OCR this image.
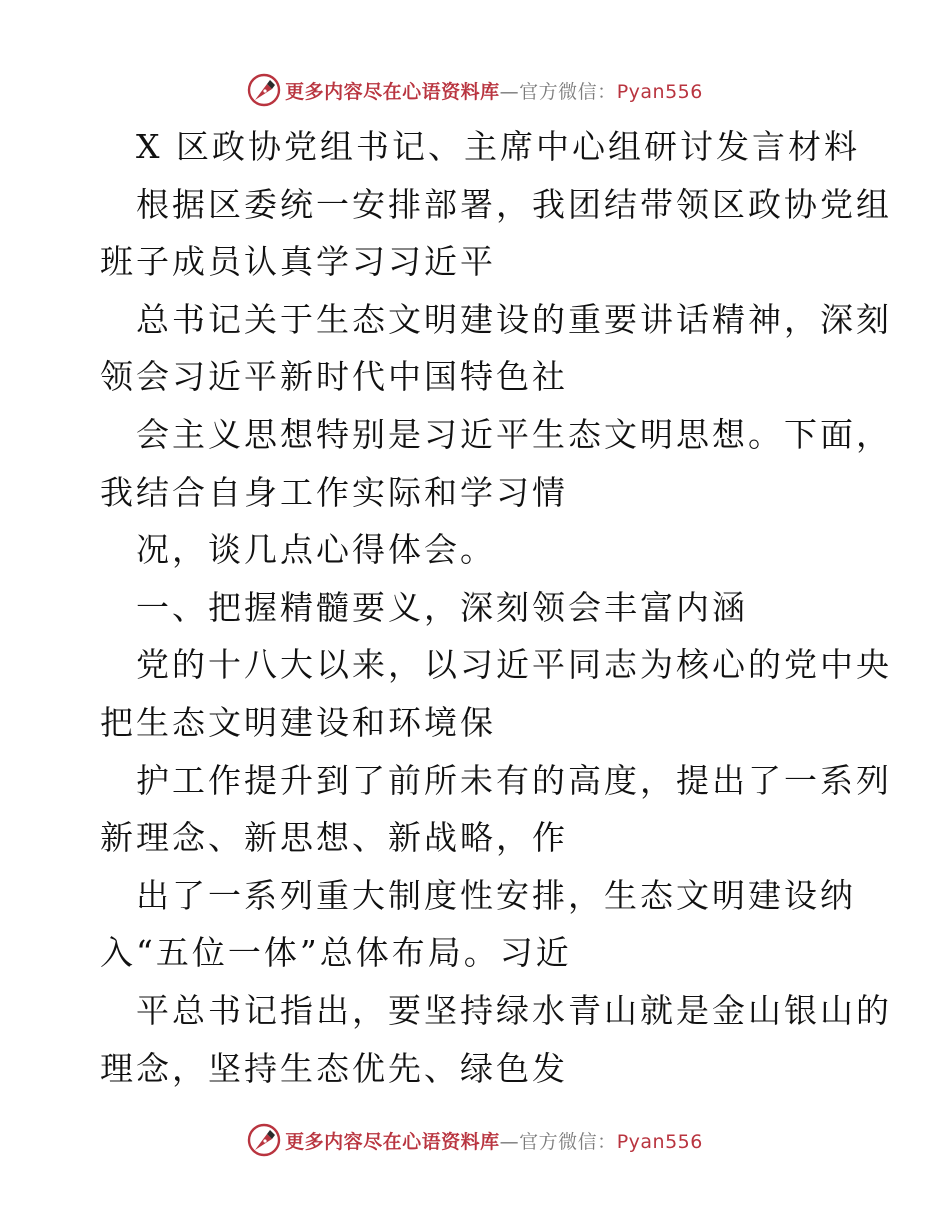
更多内容尽在心语资料库—官方微信：Pyan556
X 区政协党组书记、主席中心组研讨发言材料
根据区委统一安排部署，我团结带领区政协党组
班子成员认真学习习近平
总书记关于生态文明建设的重要讲话精神，深刻
领会习近平新时代中国特色社
会主义思想特别是习近平生态文明思想。下面，
我结合自身工作实际和学习情
况，谈几点心得体会。
一、把握精髓要义，深刻领会丰富内涵
党的十八大以来，以习近平同志为核心的党中央
把生态文明建设和环境保
护工作提升到了前所未有的高度，提出了一系列
新理念、新思想、新战略，作
出了一系列重大制度性安排，生态文明建设纳
入“五位一体”总体布局。习近
平总书记指出，要坚持绿水青山就是金山银山的
理念，坚持生态优先、绿色发
更多内容尽在心语资料库—官方微信：Pyan556
